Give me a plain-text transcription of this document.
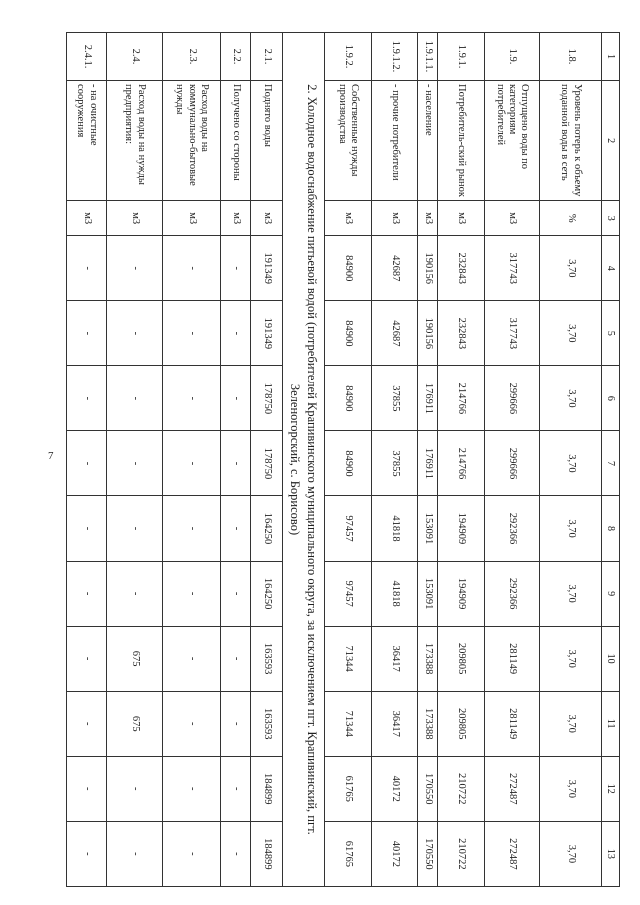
7
1	2	3	4	5	6	7	8	9	10	11	12	13
1.8.	Уровень потерь к объему поданной воды в сеть	%	3,70	3,70	3,70	3,70	3,70	3,70	3,70	3,70	3,70	3,70
1.9.	Отпущено воды по категориям потребителей	м3	317743	317743	299666	299666	292366	292366	281149	281149	272487	272487
1.9.1.	Потребитель-ский рынок	м3	232843	232843	214766	214766	194909	194909	209805	209805	210722	210722
1.9.1.1.	- население	м3	190156	190156	176911	176911	153091	153091	173388	173388	170550	170550
1.9.1.2.	- прочие потребители	м3	42687	42687	37855	37855	41818	41818	36417	36417	40172	40172
1.9.2.	Собственные нужды производства	м3	84900	84900	84900	84900	97457	97457	71344	71344	61765	61765
2. Холодное водоснабжение питьевой водой (потребителей Крапивинского муниципального округа, за исключением пгт. Крапивинский, пгт. Зеленогорский, с. Борисово)												
2.1.	Поднято воды	м3	191349	191349	178750	178750	164250	164250	163593	163593	184899	184899
2.2.	Получено со стороны	м3	-	-	-	-	-	-	-	-	-	-
2.3.	Расход воды на коммунально-бытовые нужды	м3	-	-	-	-	-	-	-	-	-	-
2.4.	Расход воды на нужды предприятия:	м3	-	-	-	-	-	-	675	675	-	-
2.4.1.	- на очистные сооружения	м3	-	-	-	-	-	-	-	-	-	-
